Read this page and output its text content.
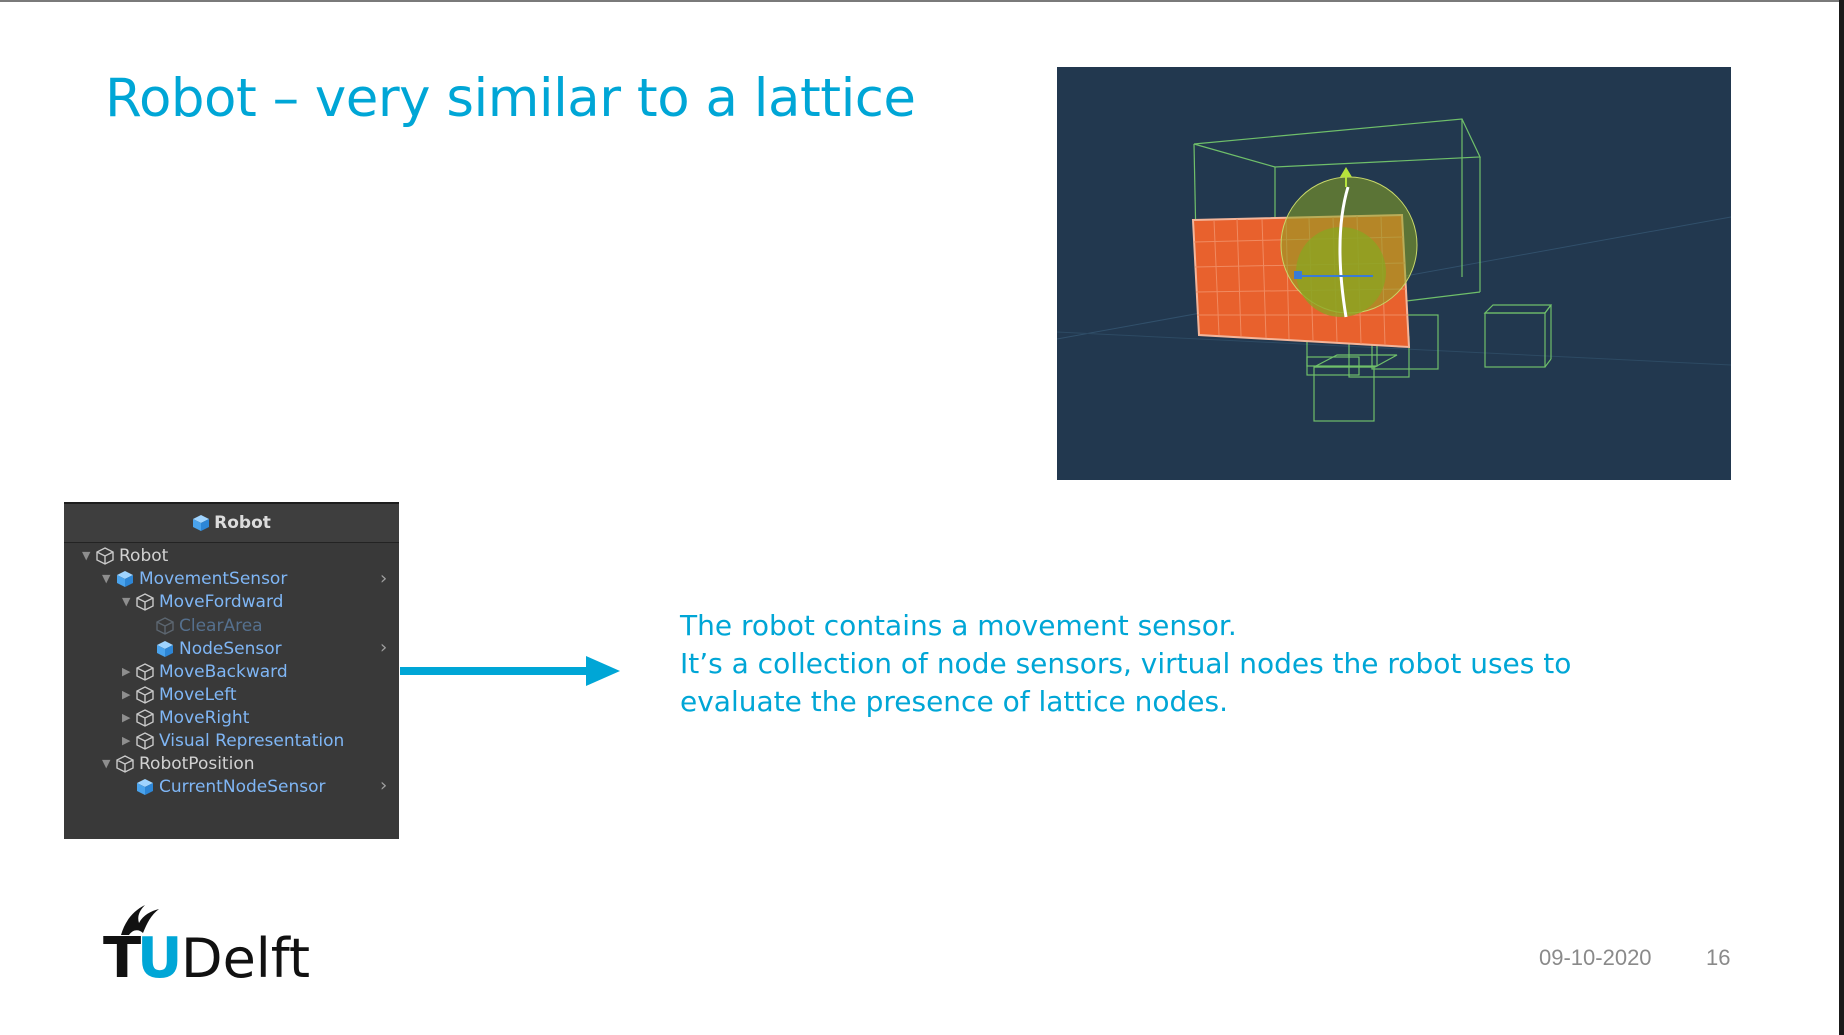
Robot – very similar to a lattice
Robot
▼	Robot
▼	MovementSensor	›
▼	MoveFordward
ClearArea
NodeSensor	›
▶	MoveBackward
▶	MoveLeft
▶	MoveRight
▶	Visual Representation
▼	RobotPosition
CurrentNodeSensor	›
The robot contains a movement sensor.
It’s a collection of node sensors, virtual nodes the robot uses to
evaluate the presence of lattice nodes.
T
U
Delft	09-10-2020 16
